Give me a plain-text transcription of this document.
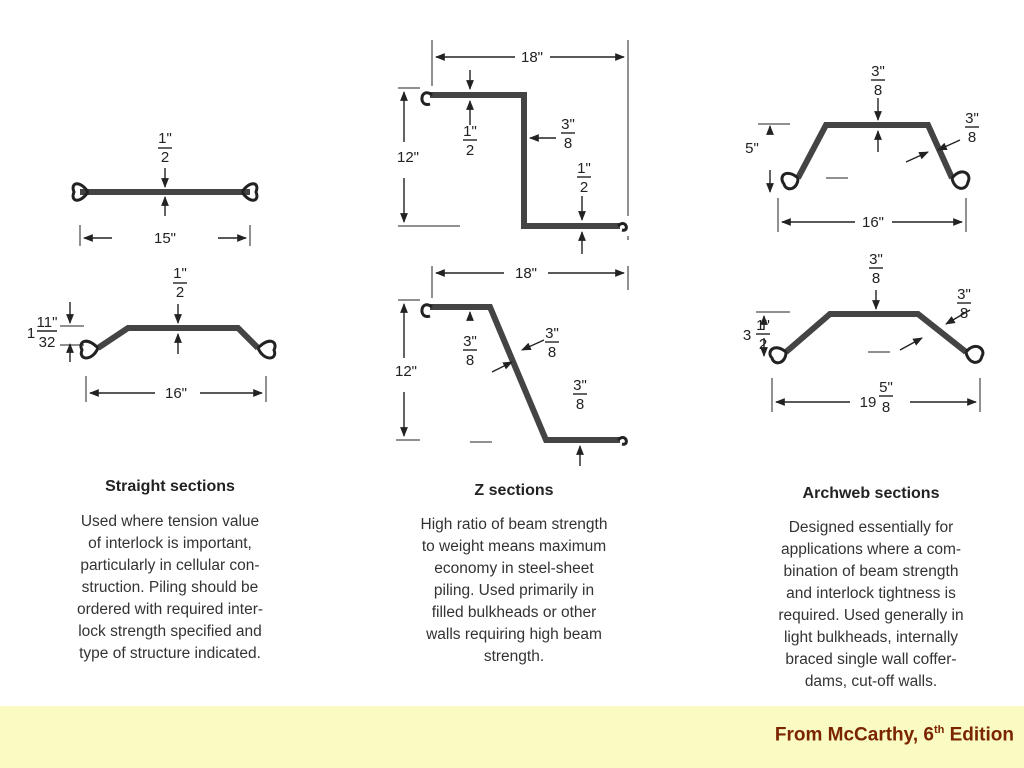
1"
2
15"
1"
2
1
11"
32
16"
18"
12"
1"
2
3"
8
1"
2
18"
12"
3"
8
3"
8
3"
8
3"
8
3"
8
5"
16"
3"
8
3"
8
3
1"
2
19
5"
8
Straight sections
Used where tension value
of interlock is important,
particularly in cellular con-
struction. Piling should be
ordered with required inter-
lock strength specified and
type of structure indicated.
Z sections
High ratio of beam strength
to weight means maximum
economy in steel-sheet
piling. Used primarily in
filled bulkheads or other
walls requiring high beam
strength.
Archweb sections
Designed essentially for
applications where a com-
bination of beam strength
and interlock tightness is
required. Used generally in
light bulkheads, internally
braced single wall coffer-
dams, cut-off walls.
From McCarthy, 6th Edition
